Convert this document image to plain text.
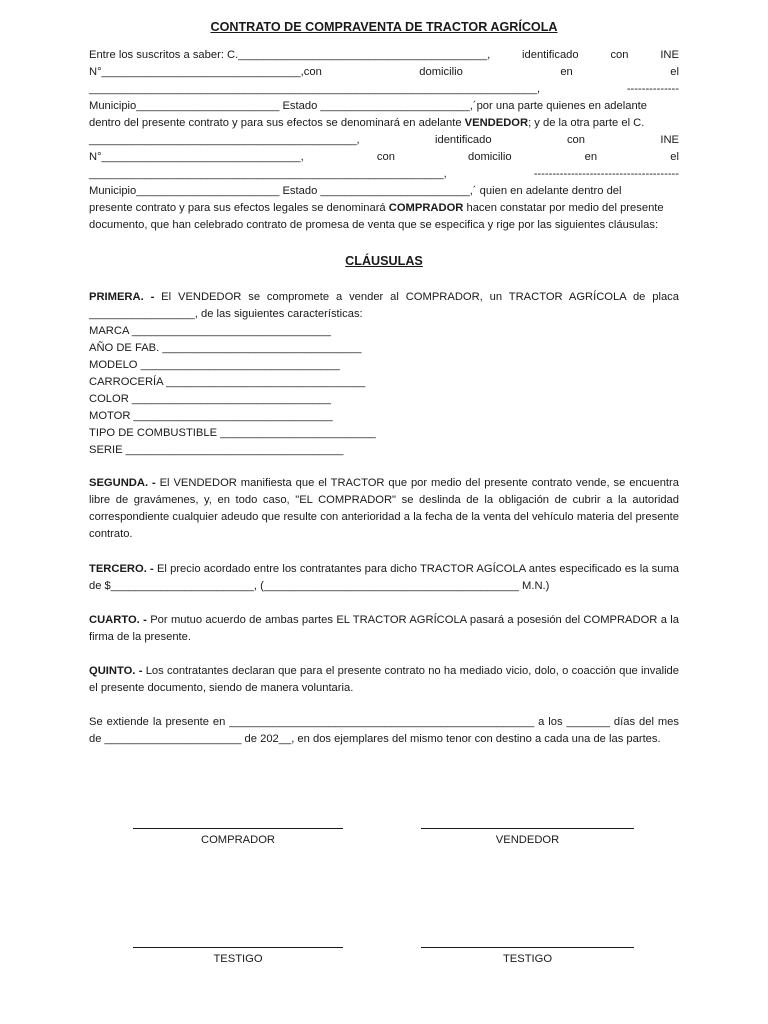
CONTRATO DE COMPRAVENTA DE TRACTOR AGRÍCOLA
Entre los suscritos a saber: C.________________________________________,	identificado	con	INE
N°________________________________,con	domicilio	en	el
________________________________________________________________________,	--------------
Municipio_______________________ Estado ________________________,´por una parte quienes en adelante
dentro del presente contrato y para sus efectos se denominará en adelante VENDEDOR; y de la otra parte el C.
___________________________________________,	identificado	con	INE
N°________________________________,	con	domicilio	en	el
_________________________________________________________,	---------------------------------------
Municipio_______________________ Estado ________________________,´ quien en adelante dentro del
presente contrato y para sus efectos legales se denominará COMPRADOR hacen constatar por medio del presente
documento, que han celebrado contrato de promesa de venta que se especifica y rige por las siguientes cláusulas:
CLÁUSULAS
PRIMERA. - El VENDEDOR se compromete a vender al COMPRADOR, un TRACTOR AGRÍCOLA de placa _________________, de las siguientes características:
MARCA ________________________________
AÑO DE FAB. ________________________________
MODELO ________________________________
CARROCERÍA ________________________________
COLOR ________________________________
MOTOR ________________________________
TIPO DE COMBUSTIBLE _________________________
SERIE ___________________________________
SEGUNDA. - El VENDEDOR manifiesta que el TRACTOR que por medio del presente contrato vende, se encuentra libre de gravámenes, y, en todo caso, "EL COMPRADOR" se deslinda de la obligación de cubrir a la autoridad correspondiente cualquier adeudo que resulte con anterioridad a la fecha de la venta del vehículo materia del presente contrato.
TERCERO. - El precio acordado entre los contratantes para dicho TRACTOR AGÍCOLA antes especificado es la suma de $_______________________, (_________________________________________ M.N.)
CUARTO. - Por mutuo acuerdo de ambas partes EL TRACTOR AGRÍCOLA pasará a posesión del COMPRADOR a la firma de la presente.
QUINTO. - Los contratantes declaran que para el presente contrato no ha mediado vicio, dolo, o coacción que invalide el presente documento, siendo de manera voluntaria.
Se extiende la presente en _________________________________________________ a los _______ días del mes de ______________________ de 202__, en dos ejemplares del mismo tenor con destino a cada una de las partes.
COMPRADOR	VENDEDOR
TESTIGO	TESTIGO
